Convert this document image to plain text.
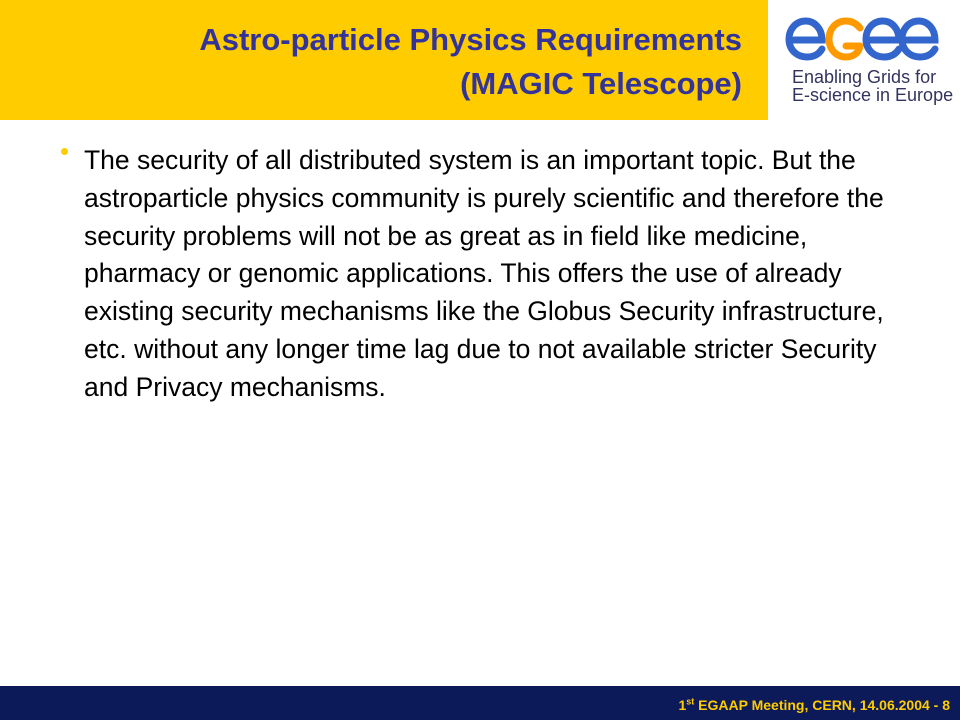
Astro-particle Physics Requirements
(MAGIC Telescope)	Enabling Grids for
E-science in Europe
The security of all distributed system is an important topic. But the astroparticle physics community is purely scientific and therefore the security problems will not be as great as in field like medicine, pharmacy or genomic applications. This offers the use of already existing security mechanisms like the Globus Security infrastructure, etc. without any longer time lag due to not available stricter Security and Privacy mechanisms.
1st EGAAP Meeting, CERN, 14.06.2004 - 8
